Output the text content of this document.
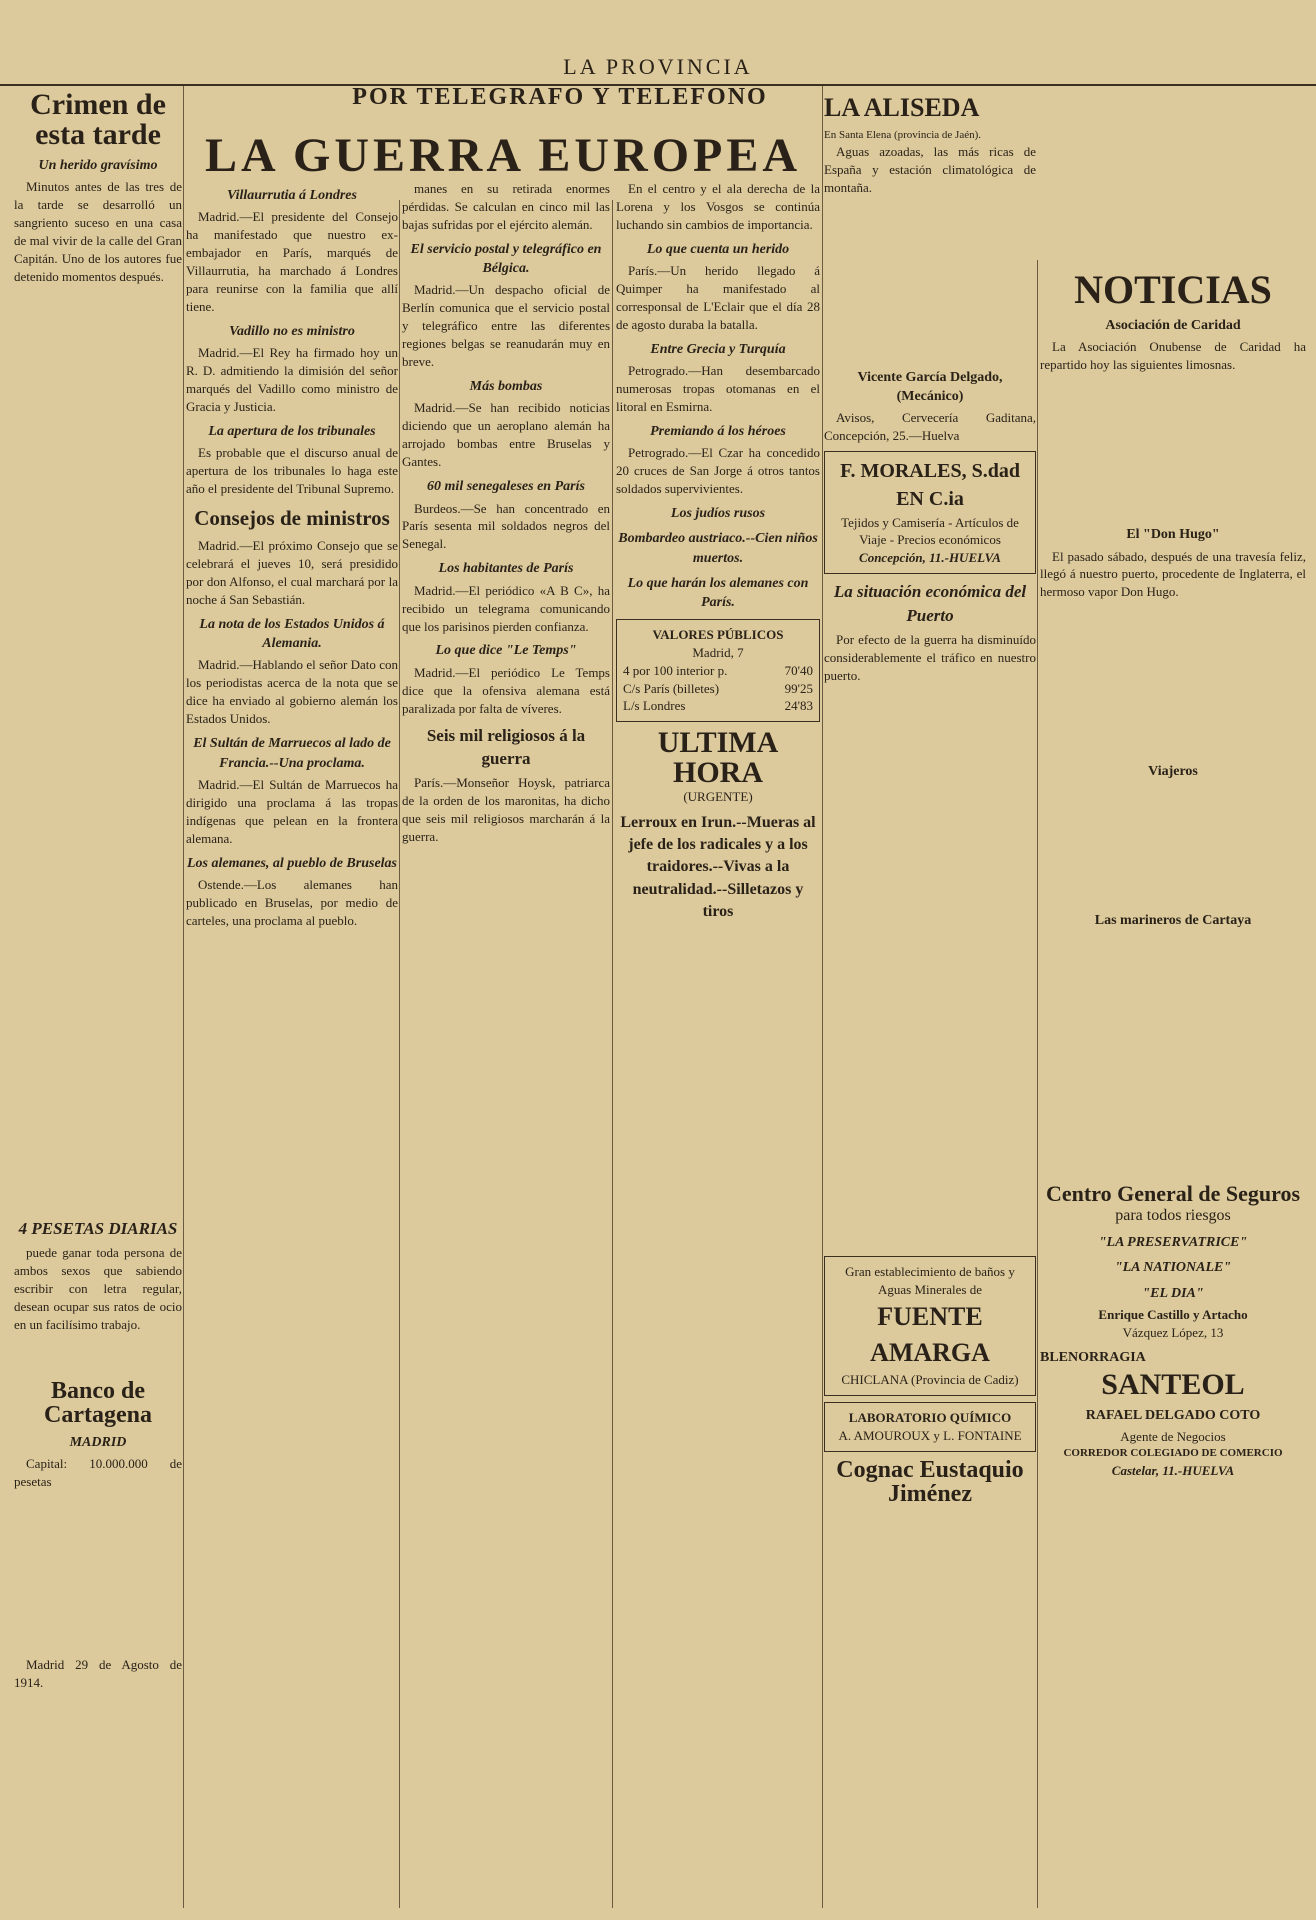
LA PROVINCIA
POR TELEGRAFO Y TELEFONO
LA GUERRA EUROPEA
Crimen de esta tarde
Un herido gravísimo

Minutos antes de las tres de la tarde se desarrolló un sangriento suceso en una casa de mal vivir de la calle del Gran Capitán. Uno de los autores fue detenido momentos después.

4 PESETAS DIARIAS

puede ganar toda persona de ambos sexos que sabiendo escribir con letra regular, desean ocupar sus ratos de ocio en un facilísimo trabajo.

Banco de Cartagena
MADRID

Capital: 10.000.000 de pesetas

Madrid 29 de Agosto de 1914.

Villaurrutia á Londres

Madrid.—El presidente del Consejo ha manifestado que nuestro ex-embajador en París, marqués de Villaurrutia, ha marchado á Londres para reunirse con la familia que allí tiene.

Vadillo no es ministro

Madrid.—El Rey ha firmado hoy un R. D. admitiendo la dimisión del señor marqués del Vadillo como ministro de Gracia y Justicia.

La apertura de los tribunales

Es probable que el discurso anual de apertura de los tribunales lo haga este año el presidente del Tribunal Supremo.

Consejos de ministros

Madrid.—El próximo Consejo que se celebrará el jueves 10, será presidido por don Alfonso, el cual marchará por la noche á San Sebastián.

La nota de los Estados Unidos á Alemania.

Madrid.—Hablando el señor Dato con los periodistas acerca de la nota que se dice ha enviado al gobierno alemán los Estados Unidos.

El Sultán de Marruecos al lado de Francia.--Una proclama.

Madrid.—El Sultán de Marruecos ha dirigido una proclama á las tropas indígenas que pelean en la frontera alemana.

Los alemanes, al pueblo de Bruselas

Ostende.—Los alemanes han publicado en Bruselas, por medio de carteles, una proclama al pueblo.

manes en su retirada enormes pérdidas. Se calculan en cinco mil las bajas sufridas por el ejército alemán.

El servicio postal y telegráfico en Bélgica.

Madrid.—Un despacho oficial de Berlín comunica que el servicio postal y telegráfico entre las diferentes regiones belgas se reanudarán muy en breve.

Más bombas

Madrid.—Se han recibido noticias diciendo que un aeroplano alemán ha arrojado bombas entre Bruselas y Gantes.

60 mil senegaleses en París

Burdeos.—Se han concentrado en París sesenta mil soldados negros del Senegal.

Los habitantes de París

Madrid.—El periódico «A B C», ha recibido un telegrama comunicando que los parisinos pierden confianza.

Lo que dice "Le Temps"

Madrid.—El periódico Le Temps dice que la ofensiva alemana está paralizada por falta de víveres.

Seis mil religiosos á la guerra

París.—Monseñor Hoysk, patriarca de la orden de los maronitas, ha dicho que seis mil religiosos marcharán á la guerra.

En el centro y el ala derecha de la Lorena y los Vosgos se continúa luchando sin cambios de importancia.

Lo que cuenta un herido

París.—Un herido llegado á Quimper ha manifestado al corresponsal de L'Eclair que el día 28 de agosto duraba la batalla.

Entre Grecia y Turquía

Petrogrado.—Han desembarcado numerosas tropas otomanas en el litoral en Esmirna.

Premiando á los héroes

Petrogrado.—El Czar ha concedido 20 cruces de San Jorge á otros tantos soldados supervivientes.

Los judíos rusos
Bombardeo austriaco.--Cien niños muertos.
Lo que harán los alemanes con París.
VALORES PÚBLICOS
Madrid, 7
4 por 100 interior p.	70'40
C/s París (billetes)	99'25
L/s Londres	24'83
ULTIMA HORA
(URGENTE)
Lerroux en Irun.--Mueras al jefe de los radicales y a los traidores.--Vivas a la neutralidad.--Silletazos y tiros
LA ALISEDA
En Santa Elena (provincia de Jaén).

Aguas azoadas, las más ricas de España y estación climatológica de montaña.

Vicente García Delgado, (Mecánico)

Avisos, Cervecería Gaditana, Concepción, 25.—Huelva

F. MORALES, S.dad EN C.ia
Tejidos y Camisería - Artículos de Viaje - Precios económicos
Concepción, 11.-HUELVA
La situación económica del Puerto

Por efecto de la guerra ha disminuído considerablemente el tráfico en nuestro puerto.

Gran establecimiento de baños y Aguas Minerales de
FUENTE AMARGA
CHICLANA (Provincia de Cadiz)
LABORATORIO QUÍMICO
A. AMOUROUX y L. FONTAINE
Cognac Eustaquio Jiménez
NOTICIAS
Asociación de Caridad

La Asociación Onubense de Caridad ha repartido hoy las siguientes limosnas.

El "Don Hugo"

El pasado sábado, después de una travesía feliz, llegó á nuestro puerto, procedente de Inglaterra, el hermoso vapor Don Hugo.

Viajeros
Las marineros de Cartaya
Centro General de Seguros
para todos riesgos
"LA PRESERVATRICE"
"LA NATIONALE"
"EL DIA"
Enrique Castillo y Artacho
Vázquez López, 13
BLENORRAGIA
SANTEOL
RAFAEL DELGADO COTO
Agente de Negocios
CORREDOR COLEGIADO DE COMERCIO
Castelar, 11.-HUELVA
